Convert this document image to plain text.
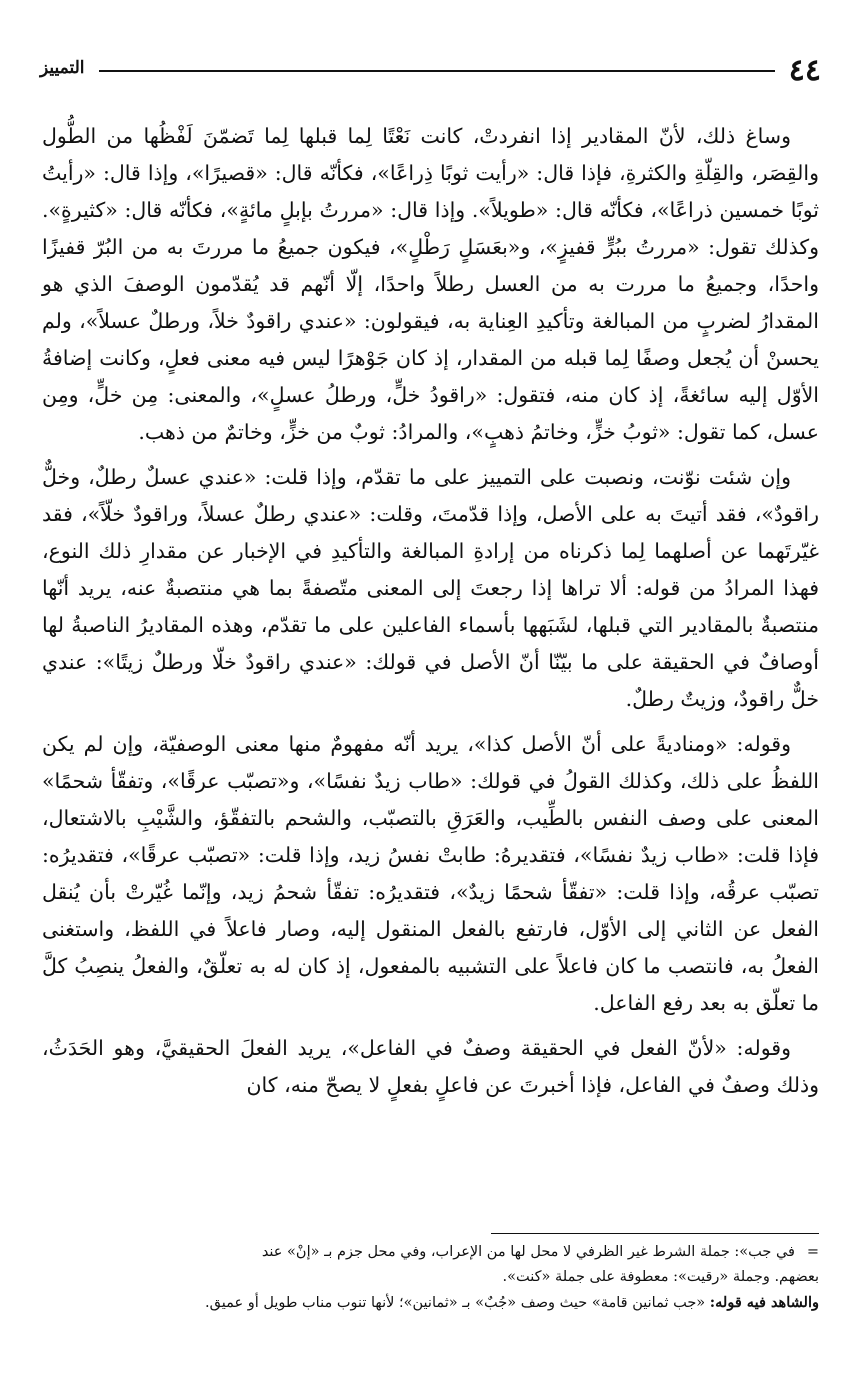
٤٤
التمييز

وساغ ذلك، لأنّ المقادير إذا انفردتْ، كانت نَعْتًا لِما قبلها لِما تَضمّنَ لَفْظُها من الطُّول والقِصَر، والقِلّةِ والكثرةِ، فإذا قال: «رأيت ثوبًا ذِراعًا»، فكأنّه قال: «قصيرًا»، وإذا قال: «رأيتُ ثوبًا خمسين ذراعًا»، فكأنّه قال: «طويلاً». وإذا قال: «مررتُ بإبلٍ مائةٍ»، فكأنّه قال: «كثيرةٍ». وكذلك تقول: «مررتُ ببُرٍّ قفيزٍ»، و«بعَسَلٍ رَطْلٍ»، فيكون جميعُ ما مررتَ به من البُرّ قفيزًا واحدًا، وجميعُ ما مررت به من العسل رطلاً واحدًا، إلّا أنّهم قد يُقدّمون الوصفَ الذي هو المقدارُ لضربٍ من المبالغة وتأكيدِ العِناية به، فيقولون: «عندي راقودٌ خلاً، ورطلٌ عسلاً»، ولم يحسنْ أن يُجعل وصفًا لِما قبله من المقدار، إذ كان جَوْهرًا ليس فيه معنى فعلٍ، وكانت إضافةُ الأوّل إليه سائغةً، إذ كان منه، فتقول: «راقودُ خلٍّ، ورطلُ عسلٍ»، والمعنى: مِن خلٍّ، ومِن عسل، كما تقول: «ثوبُ خزٍّ، وخاتمُ ذهبٍ»، والمرادُ: ثوبٌ من خزٍّ، وخاتمٌ من ذهب.

وإن شئت نوّنت، ونصبت على التمييز على ما تقدّم، وإذا قلت: «عندي عسلٌ رطلٌ، وخلٌّ راقودٌ»، فقد أتيتَ به على الأصل، وإذا قدّمتَ، وقلت: «عندي رطلٌ عسلاً، وراقودٌ خلّاً»، فقد غيّرتَهما عن أصلهما لِما ذكرناه من إرادةِ المبالغة والتأكيدِ في الإخبار عن مقدارِ ذلك النوع، فهذا المرادُ من قوله: ألا تراها إذا رجعتَ إلى المعنى متّصفةً بما هي منتصبةٌ عنه، يريد أنّها منتصبةٌ بالمقادير التي قبلها، لشَبَهها بأسماء الفاعلين على ما تقدّم، وهذه المقاديرُ الناصبةُ لها أوصافٌ في الحقيقة على ما بيّنّا أنّ الأصل في قولك: «عندي راقودٌ خلّا ورطلٌ زيتًا»: عندي خلٌّ راقودٌ، وزيتٌ رطلٌ.

وقوله: «ومناديةً على أنّ الأصل كذا»، يريد أنّه مفهومٌ منها معنى الوصفيّة، وإن لم يكن اللفظُ على ذلك، وكذلك القولُ في قولك: «طاب زيدٌ نفسًا»، و«تصبّب عرقًا»، وتفقّأ شحمًا» المعنى على وصف النفس بالطِّيب، والعَرَقِ بالتصبّب، والشحم بالتفقّؤ، والشَّيْبِ بالاشتعال، فإذا قلت: «طاب زيدٌ نفسًا»، فتقديرهُ: طابتْ نفسُ زيد، وإذا قلت: «تصبّب عرقًا»، فتقديرُه: تصبّب عرقُه، وإذا قلت: «تفقّأ شحمًا زيدٌ»، فتقديرُه: تفقّأ شحمُ زيد، وإنّما غُيّرتْ بأن يُنقل الفعل عن الثاني إلى الأوّل، فارتفع بالفعل المنقول إليه، وصار فاعلاً في اللفظ، واستغنى الفعلُ به، فانتصب ما كان فاعلاً على التشبيه بالمفعول، إذ كان له به تعلّقٌ، والفعلُ ينصِبُ كلَّ ما تعلّق به بعد رفع الفاعل.

وقوله: «لأنّ الفعل في الحقيقة وصفٌ في الفاعل»، يريد الفعلَ الحقيقيَّ، وهو الحَدَثُ، وذلك وصفٌ في الفاعل، فإذا أخبرتَ عن فاعلٍ بفعلٍ لا يصحّ منه، كان

=
في جب»: جملة الشرط غير الظرفي لا محل لها من الإعراب، وفي محل جزم بـ «إنْ» عند

بعضهم. وجملة «رقيت»: معطوفة على جملة «كنت».

والشاهد فيه قوله: «جب ثمانين قامة» حيث وصف «جُبٌ» بـ «ثمانين»؛ لأنها تنوب مناب طويل أو عميق.
